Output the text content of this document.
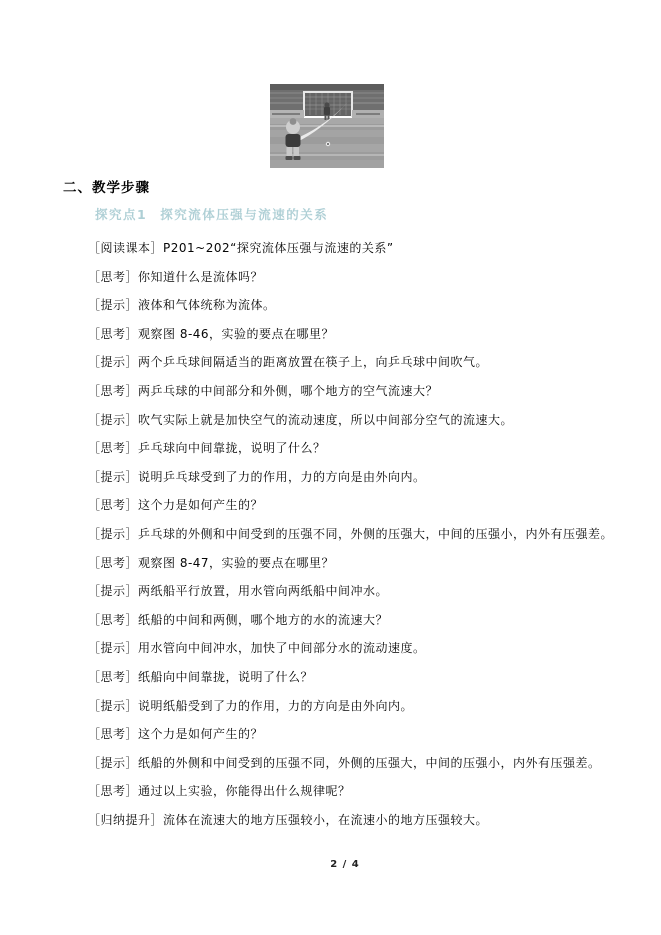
二、教学步骤
探究点1 探究流体压强与流速的关系

［阅读课本］P201~202“探究流体压强与流速的关系”

［思考］你知道什么是流体吗？

［提示］液体和气体统称为流体。

［思考］观察图 8-46，实验的要点在哪里？

［提示］两个乒乓球间隔适当的距离放置在筷子上，向乒乓球中间吹气。

［思考］两乒乓球的中间部分和外侧，哪个地方的空气流速大？

［提示］吹气实际上就是加快空气的流动速度，所以中间部分空气的流速大。

［思考］乒乓球向中间靠拢，说明了什么？

［提示］说明乒乓球受到了力的作用，力的方向是由外向内。

［思考］这个力是如何产生的？

［提示］乒乓球的外侧和中间受到的压强不同，外侧的压强大，中间的压强小，内外有压强差。

［思考］观察图 8-47，实验的要点在哪里？

［提示］两纸船平行放置，用水管向两纸船中间冲水。

［思考］纸船的中间和两侧，哪个地方的水的流速大？

［提示］用水管向中间冲水，加快了中间部分水的流动速度。

［思考］纸船向中间靠拢，说明了什么？

［提示］说明纸船受到了力的作用，力的方向是由外向内。

［思考］这个力是如何产生的？

［提示］纸船的外侧和中间受到的压强不同，外侧的压强大，中间的压强小，内外有压强差。

［思考］通过以上实验，你能得出什么规律呢？

［归纳提升］流体在流速大的地方压强较小，在流速小的地方压强较大。

2 / 4
